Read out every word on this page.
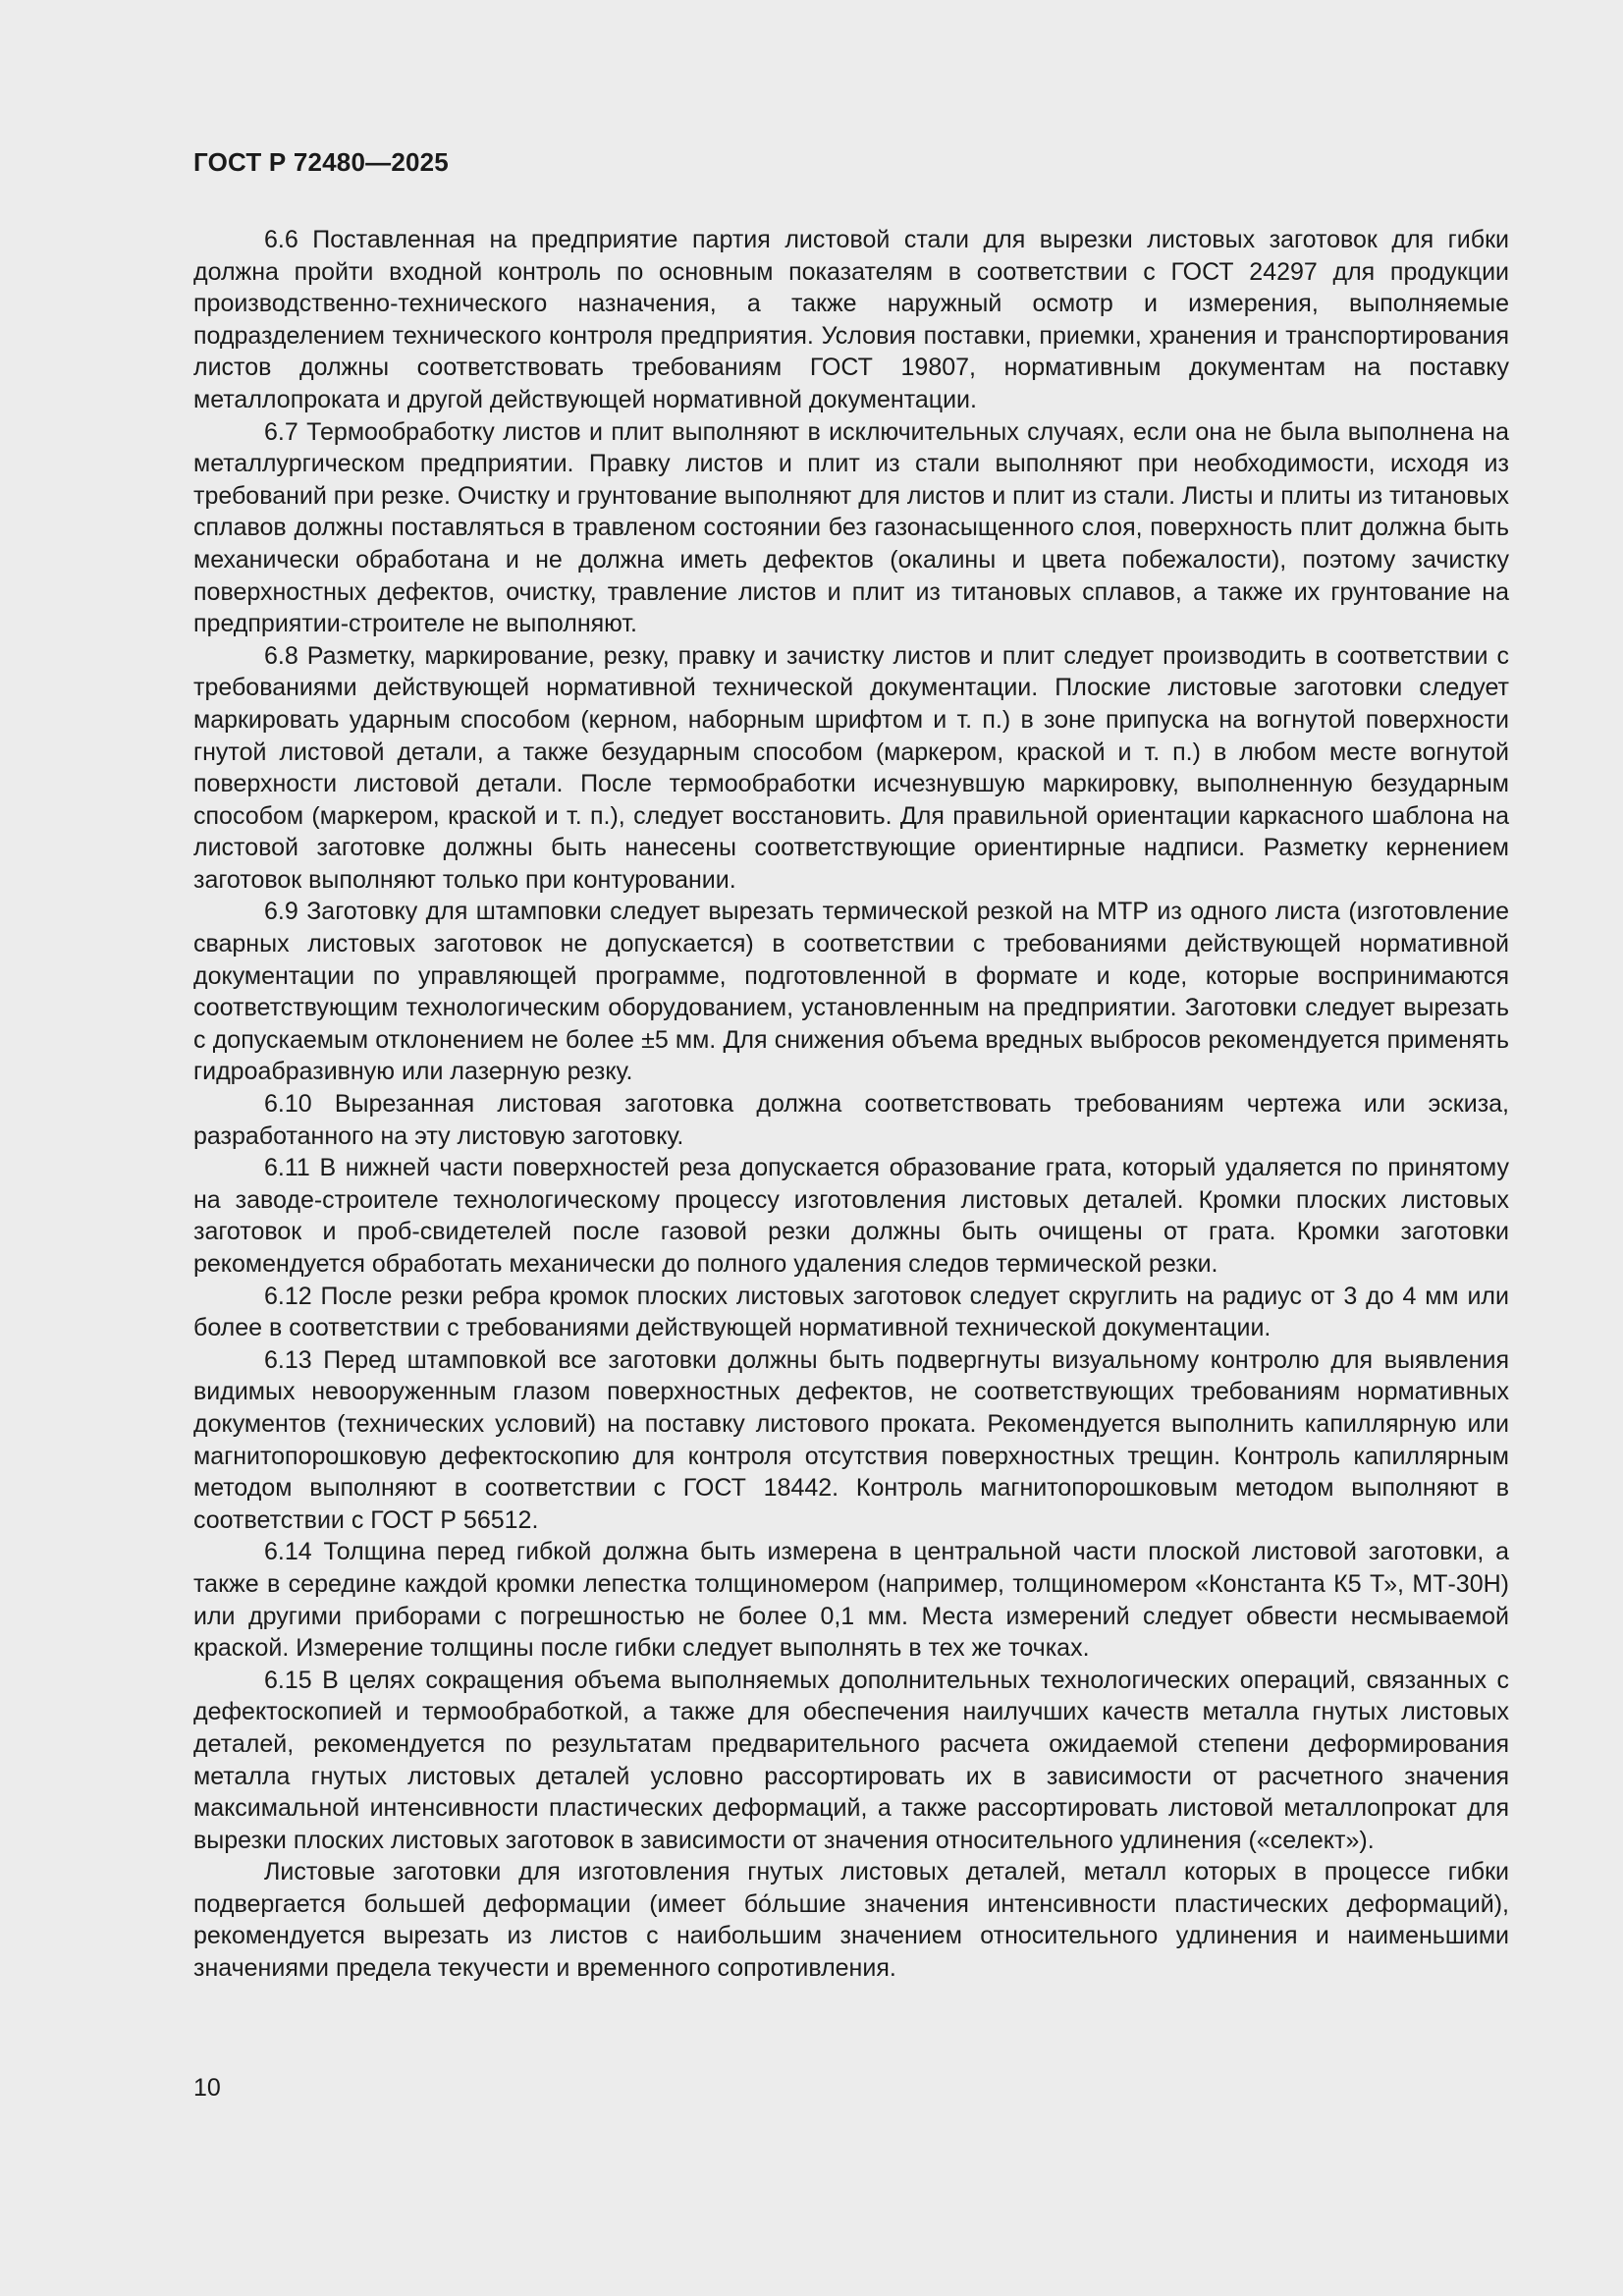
ГОСТ Р 72480—2025

6.6 Поставленная на предприятие партия листовой стали для вырезки листовых заготовок для гибки должна пройти входной контроль по основным показателям в соответствии с ГОСТ 24297 для продукции производственно-технического назначения, а также наружный осмотр и измерения, выполняемые подразделением технического контроля предприятия. Условия поставки, приемки, хранения и транспортирования листов должны соответствовать требованиям ГОСТ 19807, нормативным документам на поставку металлопроката и другой действующей нормативной документации.

6.7 Термообработку листов и плит выполняют в исключительных случаях, если она не была выполнена на металлургическом предприятии. Правку листов и плит из стали выполняют при необходимости, исходя из требований при резке. Очистку и грунтование выполняют для листов и плит из стали. Листы и плиты из титановых сплавов должны поставляться в травленом состоянии без газонасыщенного слоя, поверхность плит должна быть механически обработана и не должна иметь дефектов (окалины и цвета побежалости), поэтому зачистку поверхностных дефектов, очистку, травление листов и плит из титановых сплавов, а также их грунтование на предприятии-строителе не выполняют.

6.8 Разметку, маркирование, резку, правку и зачистку листов и плит следует производить в соответствии с требованиями действующей нормативной технической документации. Плоские листовые заготовки следует маркировать ударным способом (керном, наборным шрифтом и т. п.) в зоне припуска на вогнутой поверхности гнутой листовой детали, а также безударным способом (маркером, краской и т. п.) в любом месте вогнутой поверхности листовой детали. После термообработки исчезнувшую маркировку, выполненную безударным способом (маркером, краской и т. п.), следует восстановить. Для правильной ориентации каркасного шаблона на листовой заготовке должны быть нанесены соответствующие ориентирные надписи. Разметку кернением заготовок выполняют только при контуровании.

6.9 Заготовку для штамповки следует вырезать термической резкой на МТР из одного листа (изготовление сварных листовых заготовок не допускается) в соответствии с требованиями действующей нормативной документации по управляющей программе, подготовленной в формате и коде, которые воспринимаются соответствующим технологическим оборудованием, установленным на предприятии. Заготовки следует вырезать с допускаемым отклонением не более ±5 мм. Для снижения объема вредных выбросов рекомендуется применять гидроабразивную или лазерную резку.

6.10 Вырезанная листовая заготовка должна соответствовать требованиям чертежа или эскиза, разработанного на эту листовую заготовку.

6.11 В нижней части поверхностей реза допускается образование грата, который удаляется по принятому на заводе-строителе технологическому процессу изготовления листовых деталей. Кромки плоских листовых заготовок и проб-свидетелей после газовой резки должны быть очищены от грата. Кромки заготовки рекомендуется обработать механически до полного удаления следов термической резки.

6.12 После резки ребра кромок плоских листовых заготовок следует скруглить на радиус от 3 до 4 мм или более в соответствии с требованиями действующей нормативной технической документации.

6.13 Перед штамповкой все заготовки должны быть подвергнуты визуальному контролю для выявления видимых невооруженным глазом поверхностных дефектов, не соответствующих требованиям нормативных документов (технических условий) на поставку листового проката. Рекомендуется выполнить капиллярную или магнитопорошковую дефектоскопию для контроля отсутствия поверхностных трещин. Контроль капиллярным методом выполняют в соответствии с ГОСТ 18442. Контроль магнитопорошковым методом выполняют в соответствии с ГОСТ Р 56512.

6.14 Толщина перед гибкой должна быть измерена в центральной части плоской листовой заготовки, а также в середине каждой кромки лепестка толщиномером (например, толщиномером «Константа К5 Т», МТ-30Н) или другими приборами с погрешностью не более 0,1 мм. Места измерений следует обвести несмываемой краской. Измерение толщины после гибки следует выполнять в тех же точках.

6.15 В целях сокращения объема выполняемых дополнительных технологических операций, связанных с дефектоскопией и термообработкой, а также для обеспечения наилучших качеств металла гнутых листовых деталей, рекомендуется по результатам предварительного расчета ожидаемой степени деформирования металла гнутых листовых деталей условно рассортировать их в зависимости от расчетного значения максимальной интенсивности пластических деформаций, а также рассортировать листовой металлопрокат для вырезки плоских листовых заготовок в зависимости от значения относительного удлинения («селект»).

Листовые заготовки для изготовления гнутых листовых деталей, металл которых в процессе гибки подвергается большей деформации (имеет бо́льшие значения интенсивности пластических деформаций), рекомендуется вырезать из листов с наибольшим значением относительного удлинения и наименьшими значениями предела текучести и временного сопротивления.

10
